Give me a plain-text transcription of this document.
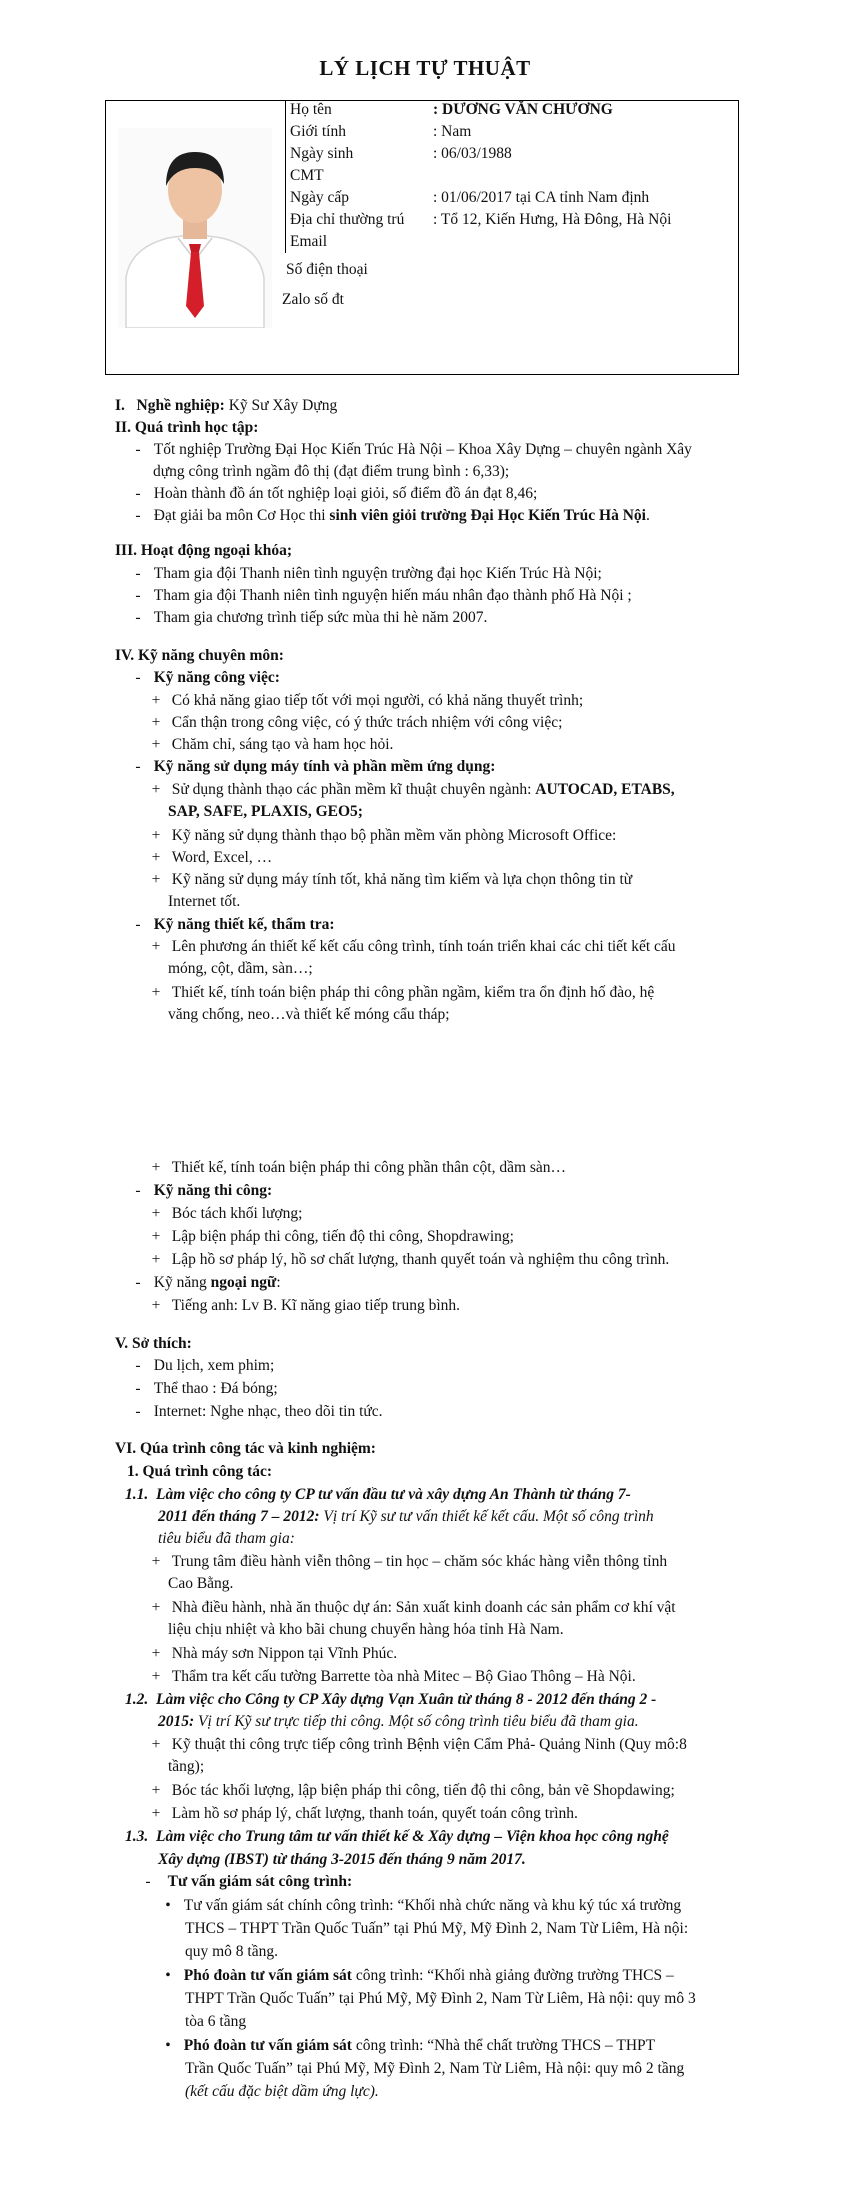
LÝ LỊCH TỰ THUẬT
Họ tên	: DƯƠNG VĂN CHƯƠNG
Giới tính	: Nam
Ngày sinh	: 06/03/1988
CMT
Ngày cấp	: 01/06/2017 tại CA tỉnh Nam định
Địa chỉ thường trú : Tổ 12, Kiến Hưng, Hà Đông, Hà Nội
Email
Số điện thoại
Zalo số đt
I. Nghề nghiệp: Kỹ Sư Xây Dựng
II. Quá trình học tập:
- Tốt nghiệp Trường Đại Học Kiến Trúc Hà Nội – Khoa Xây Dựng – chuyên ngành Xây
dựng công trình ngầm đô thị (đạt điểm trung bình : 6,33);
- Hoàn thành đồ án tốt nghiệp loại giỏi, số điểm đồ án đạt 8,46;
- Đạt giải ba môn Cơ Học thi sinh viên giỏi trường Đại Học Kiến Trúc Hà Nội.
III. Hoạt động ngoại khóa;
- Tham gia đội Thanh niên tình nguyện trường đại học Kiến Trúc Hà Nội;
- Tham gia đội Thanh niên tình nguyện hiến máu nhân đạo thành phố Hà Nội ;
- Tham gia chương trình tiếp sức mùa thi hè năm 2007.
IV. Kỹ năng chuyên môn:
- Kỹ năng công việc:
+ Có khả năng giao tiếp tốt với mọi người, có khả năng thuyết trình;
+ Cẩn thận trong công việc, có ý thức trách nhiệm với công việc;
+ Chăm chỉ, sáng tạo và ham học hỏi.
- Kỹ năng sử dụng máy tính và phần mềm ứng dụng:
+ Sử dụng thành thạo các phần mềm kĩ thuật chuyên ngành: AUTOCAD, ETABS,
SAP, SAFE, PLAXIS, GEO5;
+ Kỹ năng sử dụng thành thạo bộ phần mềm văn phòng Microsoft Office:
+ Word, Excel, …
+ Kỹ năng sử dụng máy tính tốt, khả năng tìm kiếm và lựa chọn thông tin từ
Internet tốt.
- Kỹ năng thiết kế, thẩm tra:
+ Lên phương án thiết kế kết cấu công trình, tính toán triển khai các chi tiết kết cấu
móng, cột, dầm, sàn…;
+ Thiết kế, tính toán biện pháp thi công phần ngầm, kiểm tra ổn định hố đào, hệ
văng chống, neo…và thiết kế móng cẩu tháp;
+ Thiết kế, tính toán biện pháp thi công phần thân cột, dầm sàn…
- Kỹ năng thi công:
+ Bóc tách khối lượng;
+ Lập biện pháp thi công, tiến độ thi công, Shopdrawing;
+ Lập hồ sơ pháp lý, hồ sơ chất lượng, thanh quyết toán và nghiệm thu công trình.
- Kỹ năng ngoại ngữ:
+ Tiếng anh: Lv B. Kĩ năng giao tiếp trung bình.
V. Sở thích:
- Du lịch, xem phim;
- Thể thao : Đá bóng;
- Internet: Nghe nhạc, theo dõi tin tức.
VI. Qúa trình công tác và kinh nghiệm:
1. Quá trình công tác:
1.1. Làm việc cho công ty CP tư vấn đầu tư và xây dựng An Thành từ tháng 7-
2011 đến tháng 7 – 2012: Vị trí Kỹ sư tư vấn thiết kế kết cấu. Một số công trình
tiêu biểu đã tham gia:
+ Trung tâm điều hành viễn thông – tin học – chăm sóc khác hàng viễn thông tỉnh
Cao Bằng.
+ Nhà điều hành, nhà ăn thuộc dự án: Sản xuất kinh doanh các sản phẩm cơ khí vật
liệu chịu nhiệt và kho bãi chung chuyển hàng hóa tỉnh Hà Nam.
+ Nhà máy sơn Nippon tại Vĩnh Phúc.
+ Thẩm tra kết cấu tường Barrette tòa nhà Mitec – Bộ Giao Thông – Hà Nội.
1.2. Làm việc cho Công ty CP Xây dựng Vạn Xuân từ tháng 8 - 2012 đến tháng 2 -
2015: Vị trí Kỹ sư trực tiếp thi công. Một số công trình tiêu biểu đã tham gia.
+ Kỹ thuật thi công trực tiếp công trình Bệnh viện Cẩm Phả- Quảng Ninh (Quy mô:8
tầng);
+ Bóc tác khối lượng, lập biện pháp thi công, tiến độ thi công, bản vẽ Shopdawing;
+ Làm hồ sơ pháp lý, chất lượng, thanh toán, quyết toán công trình.
1.3. Làm việc cho Trung tâm tư vấn thiết kế & Xây dựng – Viện khoa học công nghệ
Xây dựng (IBST) từ tháng 3-2015 đến tháng 9 năm 2017.
- Tư vấn giám sát công trình:
• Tư vấn giám sát chính công trình: “Khối nhà chức năng và khu ký túc xá trường
THCS – THPT Trần Quốc Tuấn” tại Phú Mỹ, Mỹ Đình 2, Nam Từ Liêm, Hà nội:
quy mô 8 tầng.
• Phó đoàn tư vấn giám sát công trình: “Khối nhà giảng đường trường THCS –
THPT Trần Quốc Tuấn” tại Phú Mỹ, Mỹ Đình 2, Nam Từ Liêm, Hà nội: quy mô 3
tòa 6 tầng
• Phó đoàn tư vấn giám sát công trình: “Nhà thể chất trường THCS – THPT
Trần Quốc Tuấn” tại Phú Mỹ, Mỹ Đình 2, Nam Từ Liêm, Hà nội: quy mô 2 tầng
(kết cấu đặc biệt dầm ứng lực).
